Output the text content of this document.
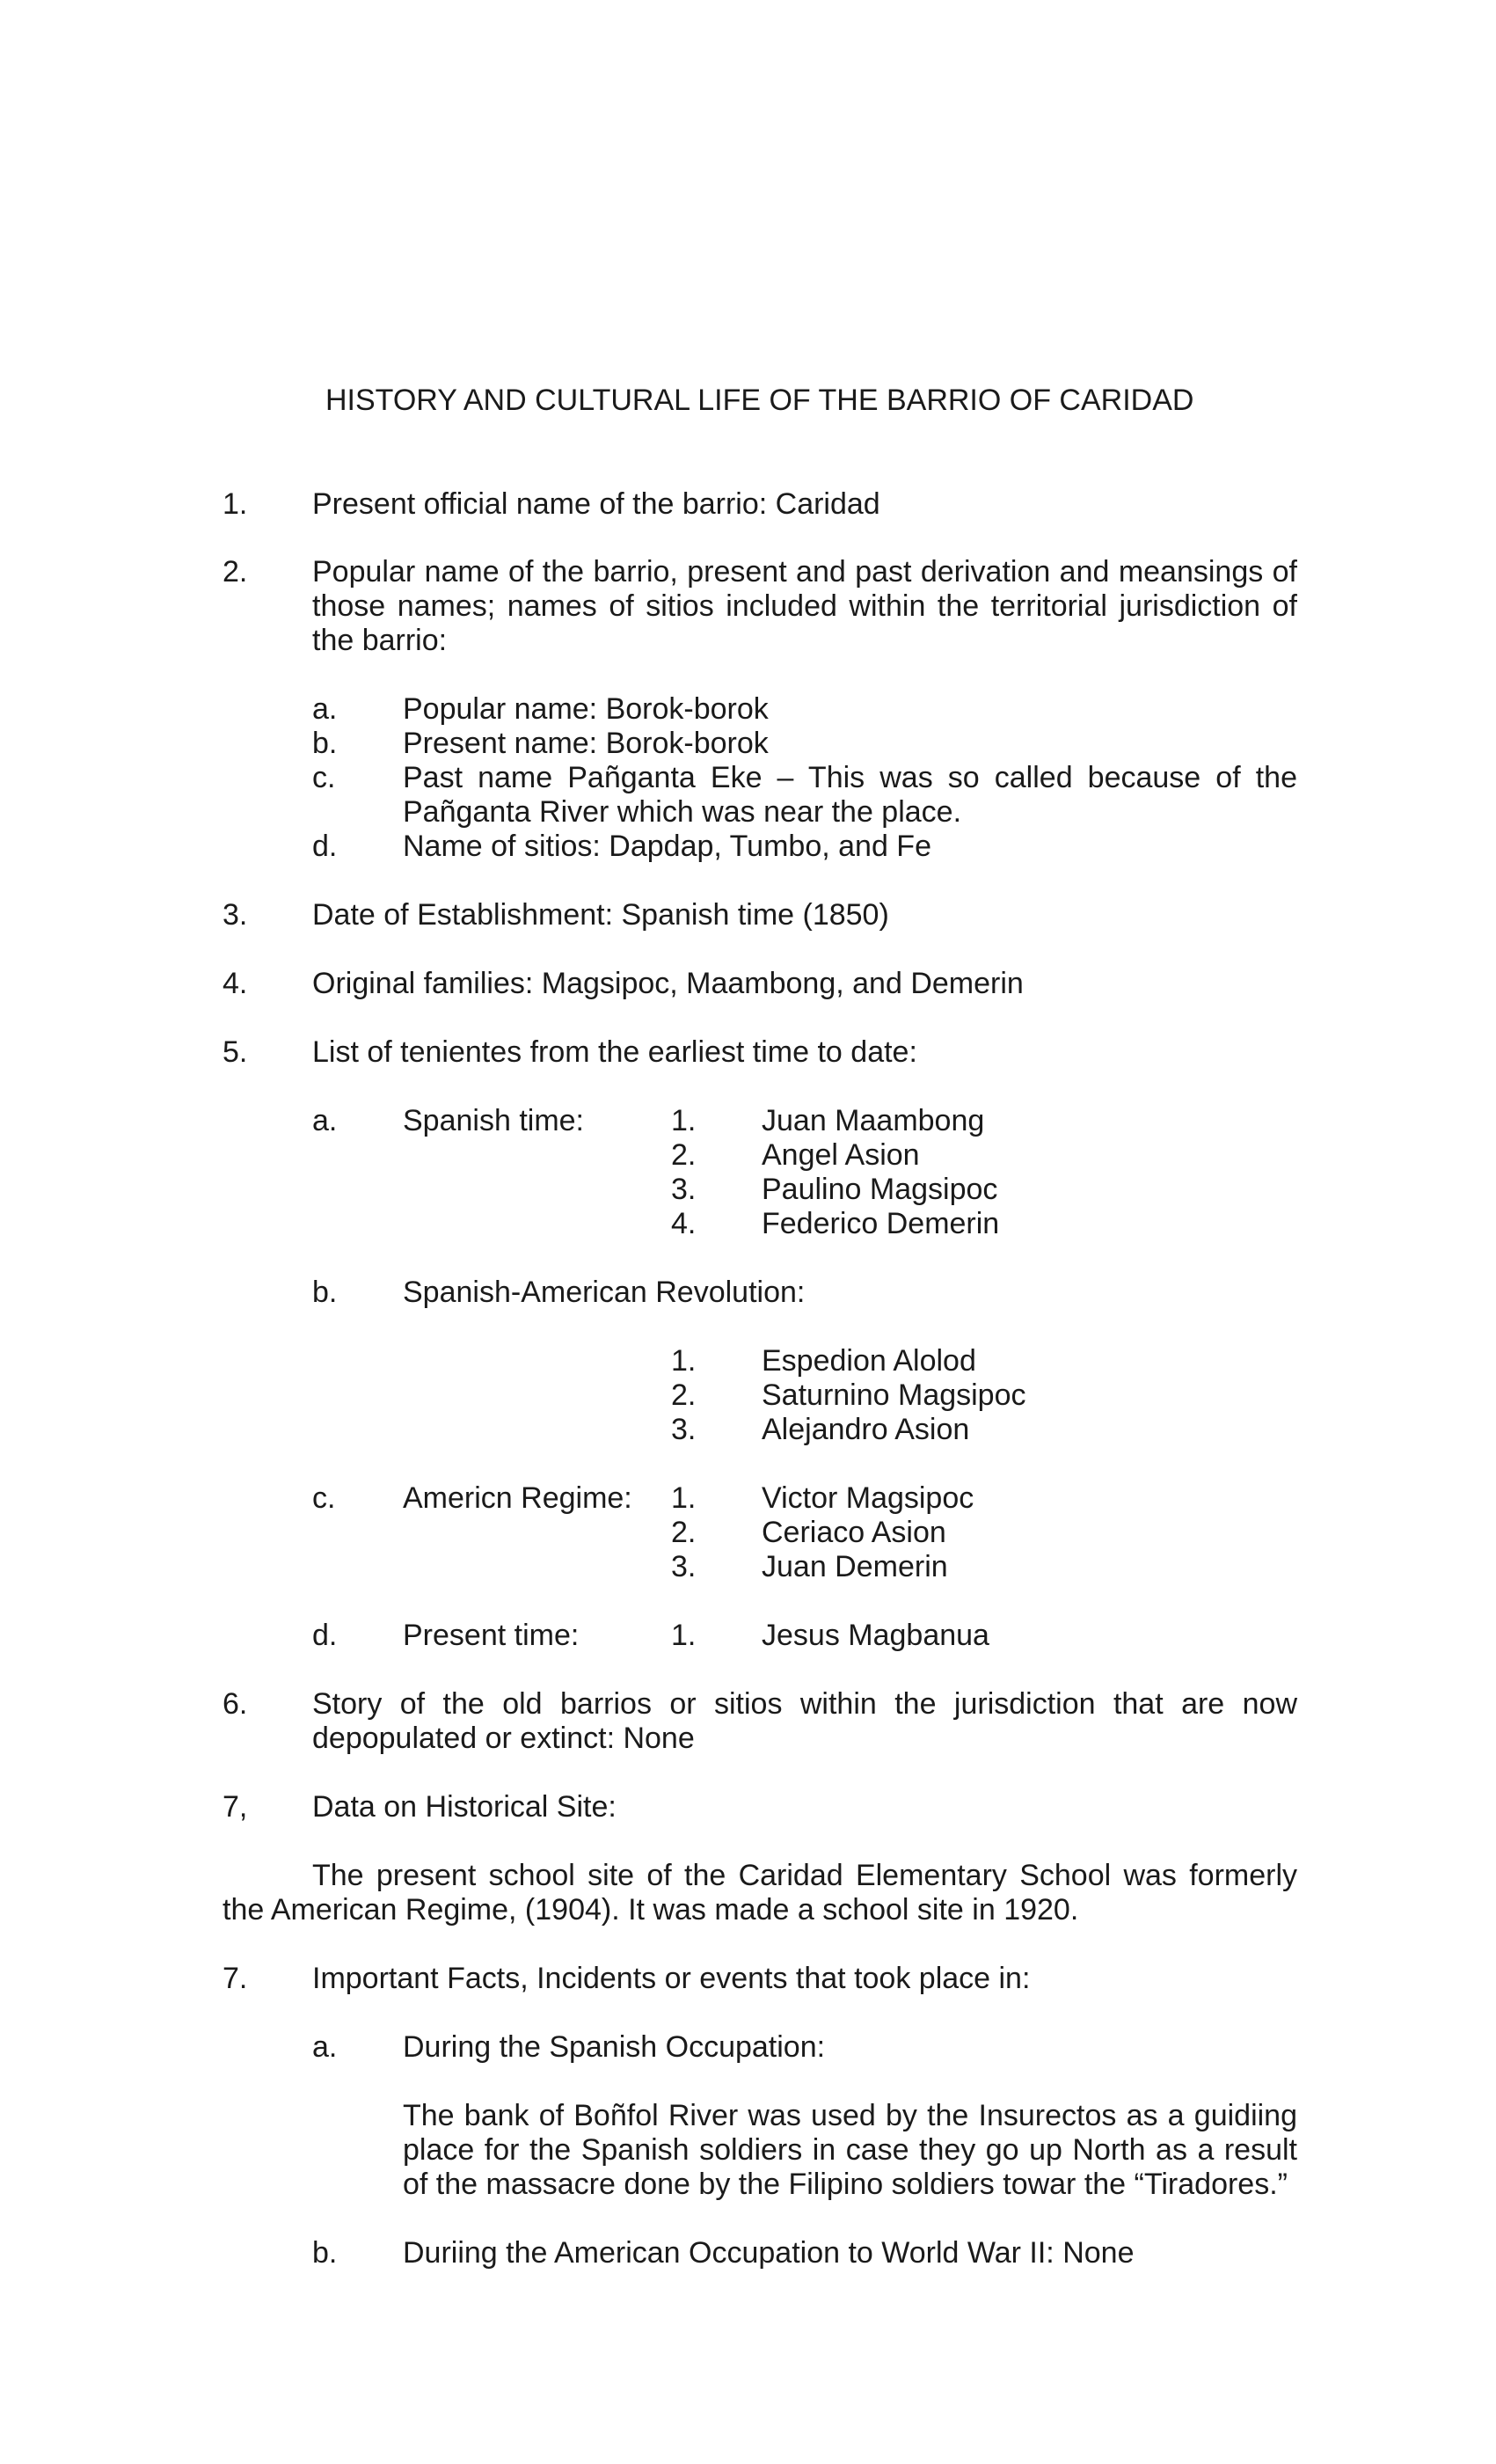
HISTORY AND CULTURAL LIFE OF THE BARRIO OF CARIDAD

1. Present official name of the barrio: Caridad

2. Popular name of the barrio, present and past derivation and meansings of

those names; names of sitios included within the territorial jurisdiction of

the barrio:

a. Popular name: Borok-borok

b. Present name: Borok-borok

c. Past name Pañganta Eke – This was so called because of the

Pañganta River which was near the place.

d. Name of sitios: Dapdap, Tumbo, and Fe

3. Date of Establishment: Spanish time (1850)

4. Original families: Magsipoc, Maambong, and Demerin

5. List of tenientes from the earliest time to date:

a. Spanish time:	1. Juan Maambong

2. Angel Asion

3. Paulino Magsipoc

4. Federico Demerin

b. Spanish-American Revolution:

1. Espedion Alolod

2. Saturnino Magsipoc

3. Alejandro Asion

c. Americn Regime: 1. Victor Magsipoc

2. Ceriaco Asion

3. Juan Demerin

d. Present time:	1. Jesus Magbanua

6. Story of the old barrios or sitios within the jurisdiction that are now

depopulated or extinct: None

7, Data on Historical Site:

The present school site of the Caridad Elementary School was formerly

the American Regime, (1904). It was made a school site in 1920.

7. Important Facts, Incidents or events that took place in:

a. During the Spanish Occupation:

The bank of Boñfol River was used by the Insurectos as a guidiing

place for the Spanish soldiers in case they go up North as a result

of the massacre done by the Filipino soldiers towar the “Tiradores.”

b. Duriing the American Occupation to World War II: None
